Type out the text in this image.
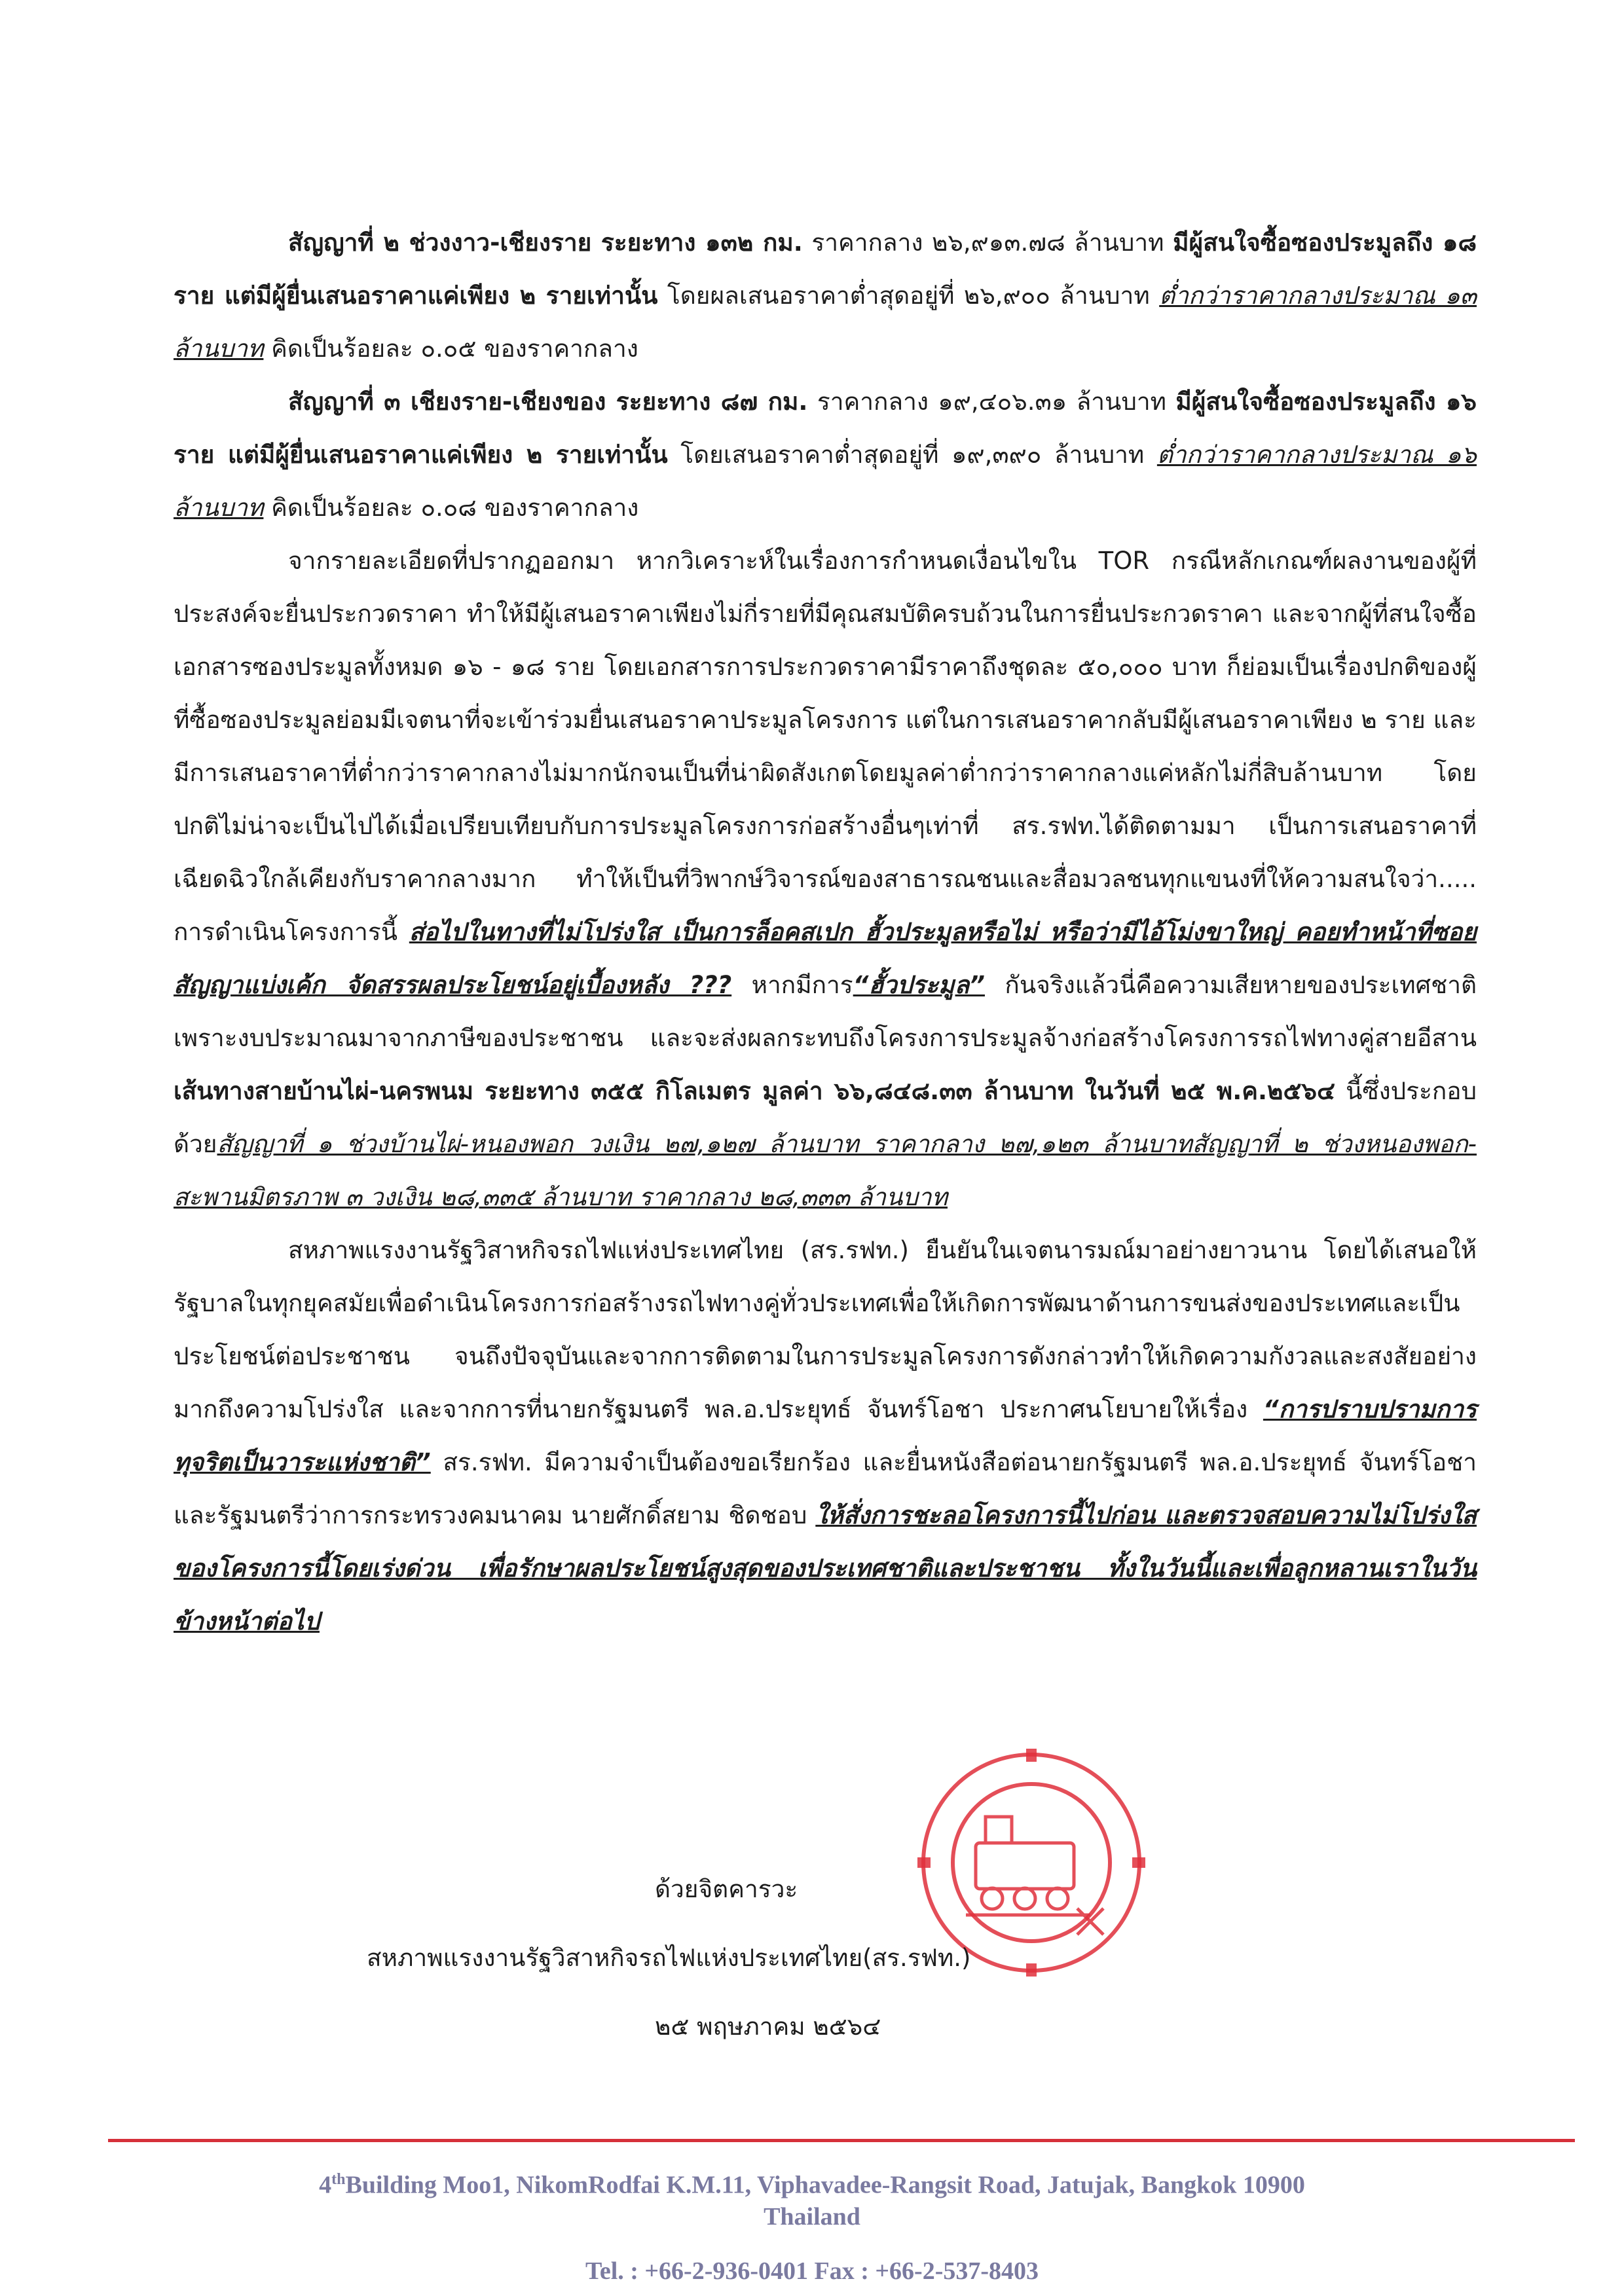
สัญญาที่ ๒ ช่วงงาว-เชียงราย ระยะทาง ๑๓๒ กม. ราคากลาง ๒๖,๙๑๓.๗๘ ล้านบาท มีผู้สนใจซื้อซองประมูลถึง ๑๘ ราย แต่มีผู้ยื่นเสนอราคาแค่เพียง ๒ รายเท่านั้น โดยผลเสนอราคาต่ำสุดอยู่ที่ ๒๖,๙๐๐ ล้านบาท ต่ำกว่าราคากลางประมาณ ๑๓ ล้านบาท คิดเป็นร้อยละ ๐.๐๕ ของราคากลาง

สัญญาที่ ๓ เชียงราย-เชียงของ ระยะทาง ๘๗ กม. ราคากลาง ๑๙,๔๐๖.๓๑ ล้านบาท มีผู้สนใจซื้อซองประมูลถึง ๑๖ ราย แต่มีผู้ยื่นเสนอราคาแค่เพียง ๒ รายเท่านั้น โดยเสนอราคาต่ำสุดอยู่ที่ ๑๙,๓๙๐ ล้านบาท ต่ำกว่าราคากลางประมาณ ๑๖ ล้านบาท คิดเป็นร้อยละ ๐.๐๘ ของราคากลาง

จากรายละเอียดที่ปรากฏออกมา หากวิเคราะห์ในเรื่องการกำหนดเงื่อนไขใน TOR กรณีหลักเกณฑ์ผลงานของผู้ที่ประสงค์จะยื่นประกวดราคา ทำให้มีผู้เสนอราคาเพียงไม่กี่รายที่มีคุณสมบัติครบถ้วนในการยื่นประกวดราคา และจากผู้ที่สนใจซื้อเอกสารซองประมูลทั้งหมด ๑๖ - ๑๘ ราย โดยเอกสารการประกวดราคามีราคาถึงชุดละ ๕๐,๐๐๐ บาท ก็ย่อมเป็นเรื่องปกติของผู้ที่ซื้อซองประมูลย่อมมีเจตนาที่จะเข้าร่วมยื่นเสนอราคาประมูลโครงการ แต่ในการเสนอราคากลับมีผู้เสนอราคาเพียง ๒ ราย และมีการเสนอราคาที่ต่ำกว่าราคากลางไม่มากนักจนเป็นที่น่าผิดสังเกตโดยมูลค่าต่ำกว่าราคากลางแค่หลักไม่กี่สิบล้านบาท โดยปกติไม่น่าจะเป็นไปได้เมื่อเปรียบเทียบกับการประมูลโครงการก่อสร้างอื่นๆเท่าที่ สร.รฟท.ได้ติดตามมา เป็นการเสนอราคาที่เฉียดฉิวใกล้เคียงกับราคากลางมาก ทำให้เป็นที่วิพากษ์วิจารณ์ของสาธารณชนและสื่อมวลชนทุกแขนงที่ให้ความสนใจว่า..... การดำเนินโครงการนี้ ส่อไปในทางที่ไม่โปร่งใส เป็นการล็อคสเปก ฮั้วประมูลหรือไม่ หรือว่ามีไอ้โม่งขาใหญ่ คอยทำหน้าที่ซอยสัญญาแบ่งเค้ก จัดสรรผลประโยชน์อยู่เบื้องหลัง ??? หากมีการ“ฮั้วประมูล” กันจริงแล้วนี่คือความเสียหายของประเทศชาติ เพราะงบประมาณมาจากภาษีของประชาชน และจะส่งผลกระทบถึงโครงการประมูลจ้างก่อสร้างโครงการรถไฟทางคู่สายอีสาน เส้นทางสายบ้านไผ่-นครพนม ระยะทาง ๓๕๕ กิโลเมตร มูลค่า ๖๖,๘๔๘.๓๓ ล้านบาท ในวันที่ ๒๕ พ.ค.๒๕๖๔ นี้ซึ่งประกอบด้วยสัญญาที่ ๑ ช่วงบ้านไผ่-หนองพอก วงเงิน ๒๗,๑๒๗ ล้านบาท ราคากลาง ๒๗,๑๒๓ ล้านบาทสัญญาที่ ๒ ช่วงหนองพอก-สะพานมิตรภาพ ๓ วงเงิน ๒๘,๓๓๕ ล้านบาท ราคากลาง ๒๘,๓๓๓ ล้านบาท

สหภาพแรงงานรัฐวิสาหกิจรถไฟแห่งประเทศไทย (สร.รฟท.) ยืนยันในเจตนารมณ์มาอย่างยาวนาน โดยได้เสนอให้รัฐบาลในทุกยุคสมัยเพื่อดำเนินโครงการก่อสร้างรถไฟทางคู่ทั่วประเทศเพื่อให้เกิดการพัฒนาด้านการขนส่งของประเทศและเป็นประโยชน์ต่อประชาชน จนถึงปัจจุบันและจากการติดตามในการประมูลโครงการดังกล่าวทำให้เกิดความกังวลและสงสัยอย่างมากถึงความโปร่งใส และจากการที่นายกรัฐมนตรี พล.อ.ประยุทธ์ จันทร์โอชา ประกาศนโยบายให้เรื่อง “การปราบปรามการทุจริตเป็นวาระแห่งชาติ” สร.รฟท. มีความจำเป็นต้องขอเรียกร้อง และยื่นหนังสือต่อนายกรัฐมนตรี พล.อ.ประยุทธ์ จันทร์โอชา และรัฐมนตรีว่าการกระทรวงคมนาคม นายศักดิ์สยาม ชิดชอบ ให้สั่งการชะลอโครงการนี้ไปก่อน และตรวจสอบความไม่โปร่งใสของโครงการนี้โดยเร่งด่วน เพื่อรักษาผลประโยชน์สูงสุดของประเทศชาติและประชาชน ทั้งในวันนี้และเพื่อลูกหลานเราในวันข้างหน้าต่อไป

ด้วยจิตคารวะ
สหภาพแรงงานรัฐวิสาหกิจรถไฟแห่งประเทศไทย(สร.รฟท.)
๒๕ พฤษภาคม ๒๕๖๔
4thBuilding Moo1, NikomRodfai K.M.11, Viphavadee-Rangsit Road, Jatujak, Bangkok 10900
Thailand
Tel. : +66-2-936-0401 Fax : +66-2-537-8403
